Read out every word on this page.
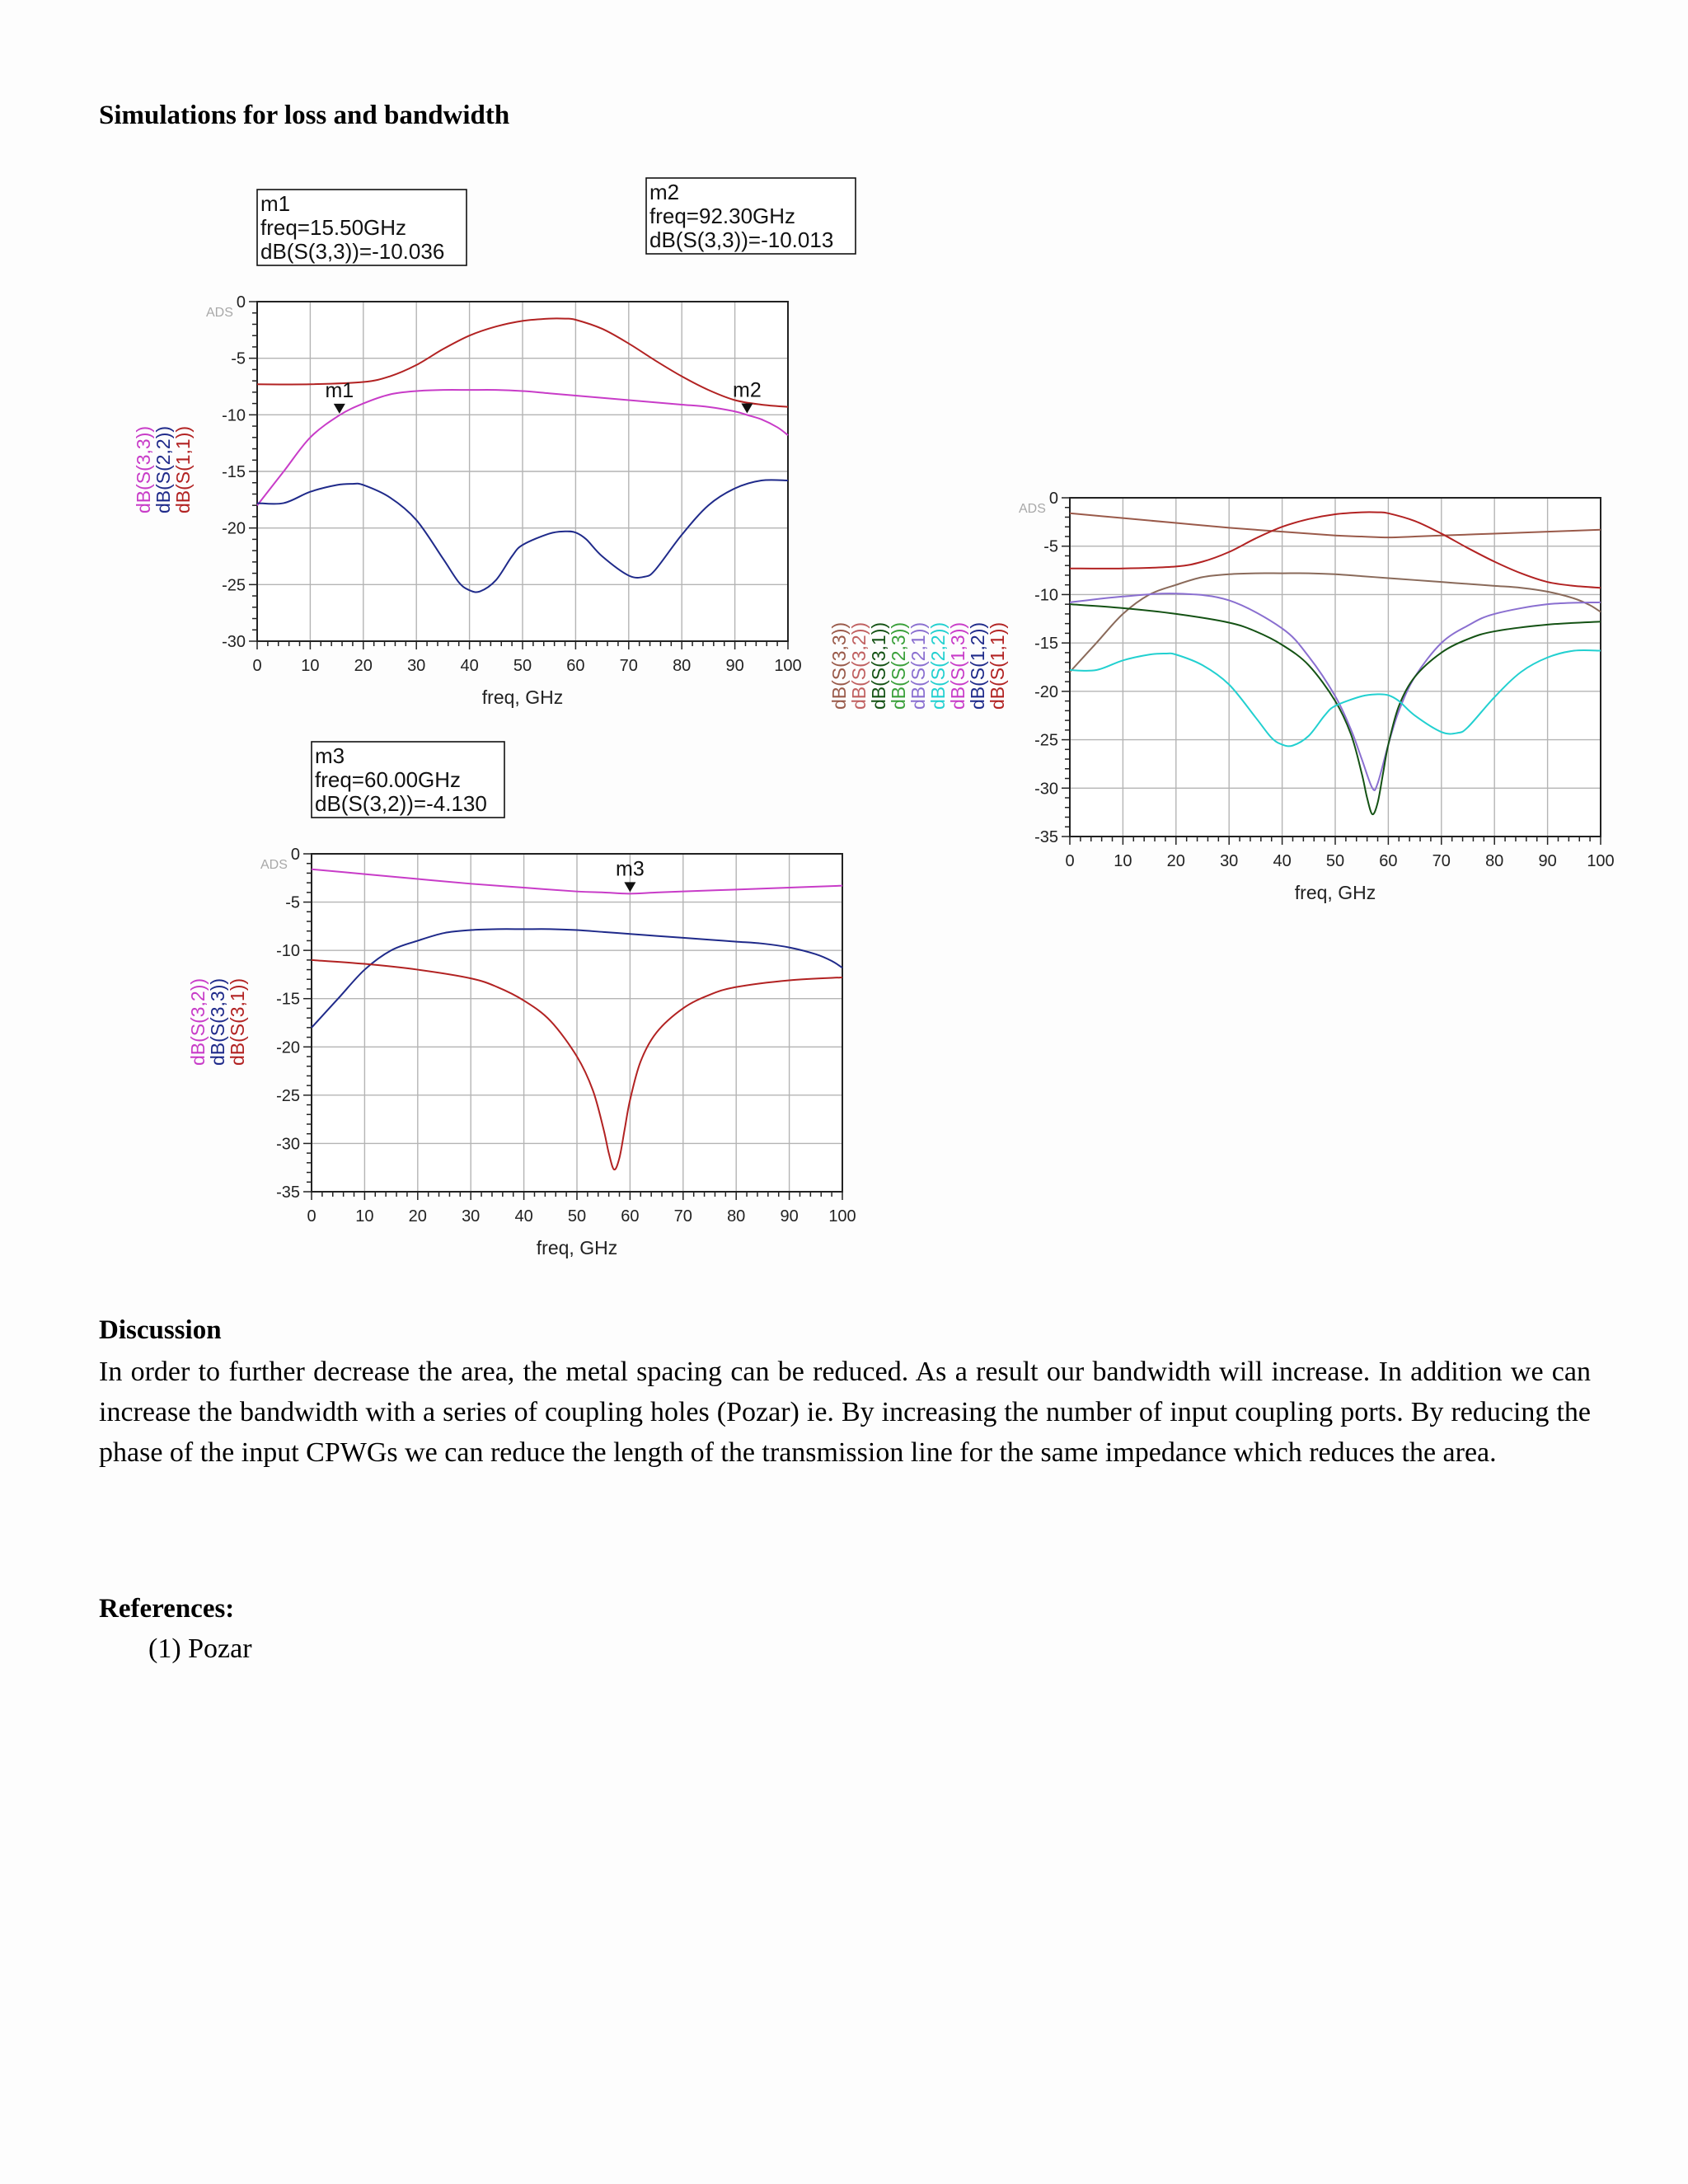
Simulations for loss and bandwidth
0 10 20 30 40 50 60 70 80 90 100
0
-5
-10
-15
-20
-25
-30
freq, GHz
ADS
dB(S(3,3))
dB(S(2,2))
dB(S(1,1))
m1
m1
freq=15.50GHz
dB(S(3,3))=-10.036
m2
m2
freq=92.30GHz
dB(S(3,3))=-10.013
0 10 20 30 40 50 60 70 80 90 100
0
-5
-10
-15
-20
-25
-30
-35
freq, GHz
ADS
dB(S(3,3))
dB(S(3,2))
dB(S(3,1))
dB(S(2,3))
dB(S(2,1))
dB(S(2,2))
dB(S(1,3))
dB(S(1,2))
dB(S(1,1))
0 10 20 30 40 50 60 70 80 90 100
0
-5
-10
-15
-20
-25
-30
-35
freq, GHz
ADS
dB(S(3,2))
dB(S(3,3))
dB(S(3,1))
m3
m3
freq=60.00GHz
dB(S(3,2))=-4.130
Discussion

In order to further decrease the area, the metal spacing can be reduced. As a result our bandwidth will increase. In addition we can increase the bandwidth with a series of coupling holes (Pozar) ie. By increasing the number of input coupling ports. By reducing the phase of the input CPWGs we can reduce the length of the transmission line for the same impedance which reduces the area.

References:
(1) Pozar
